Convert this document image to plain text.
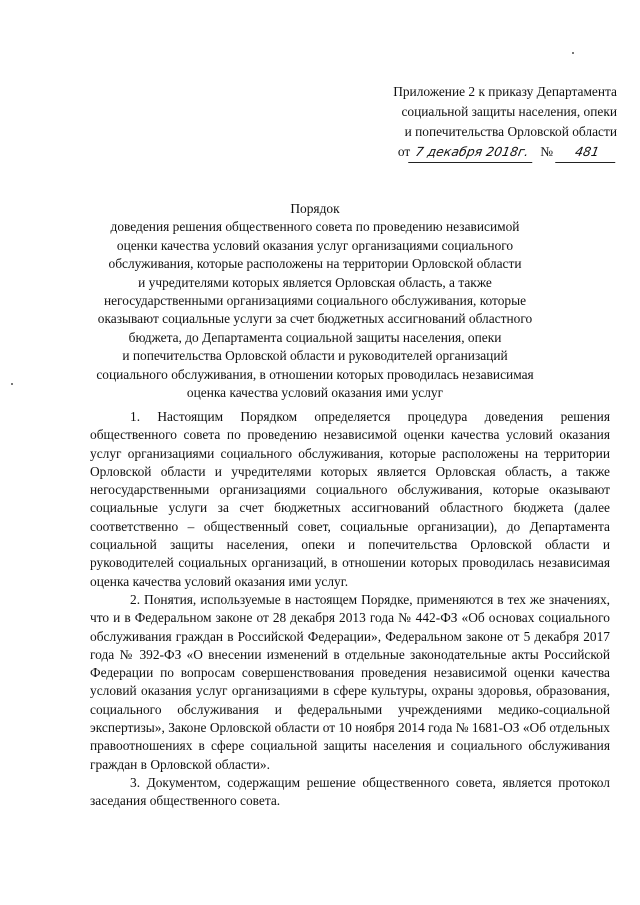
Приложение 2 к приказу Департамента
социальной защиты населения, опеки
и попечительства Орловской области
от 7 декабря 2018г. №	481
Порядок
доведения решения общественного совета по проведению независимой
оценки качества условий оказания услуг организациями социального
обслуживания, которые расположены на территории Орловской области
и учредителями которых является Орловская область, а также
негосударственными организациями социального обслуживания, которые
оказывают социальные услуги за счет бюджетных ассигнований областного
бюджета, до Департамента социальной защиты населения, опеки
и попечительства Орловской области и руководителей организаций
социального обслуживания, в отношении которых проводилась независимая
оценка качества условий оказания ими услуг

1. Настоящим Порядком определяется процедура доведения решения общественного совета по проведению независимой оценки качества условий оказания услуг организациями социального обслуживания, которые расположены на территории Орловской области и учредителями которых является Орловская область, а также негосударственными организациями социального обслуживания, которые оказывают социальные услуги за счет бюджетных ассигнований областного бюджета (далее соответственно – общественный совет, социальные организации), до Департамента социальной защиты населения, опеки и попечительства Орловской области и руководителей социальных организаций, в отношении которых проводилась независимая оценка качества условий оказания ими услуг.

2. Понятия, используемые в настоящем Порядке, применяются в тех же значениях, что и в Федеральном законе от 28 декабря 2013 года № 442-ФЗ «Об основах социального обслуживания граждан в Российской Федерации», Федеральном законе от 5 декабря 2017 года № 392-ФЗ «О внесении изменений в отдельные законодательные акты Российской Федерации по вопросам совершенствования проведения независимой оценки качества условий оказания услуг организациями в сфере культуры, охраны здоровья, образования, социального обслуживания и федеральными учреждениями медико-социальной экспертизы», Законе Орловской области от 10 ноября 2014 года № 1681-ОЗ «Об отдельных правоотношениях в сфере социальной защиты населения и социального обслуживания граждан в Орловской области».

3. Документом, содержащим решение общественного совета, является протокол заседания общественного совета.
